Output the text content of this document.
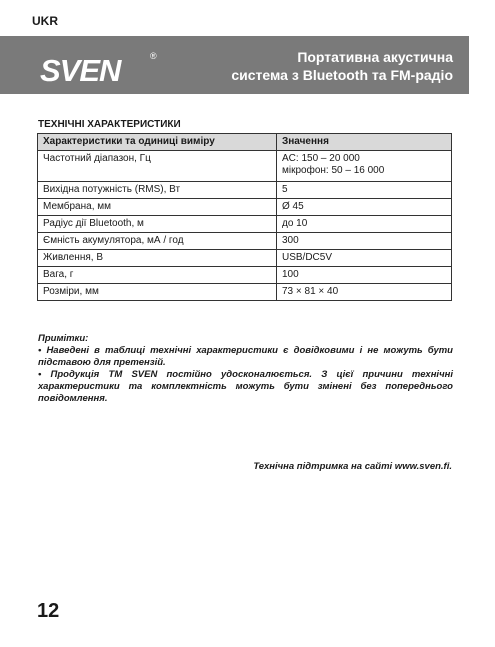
UKR
SVEN	®	Портативна акустична
система з Bluetooth та FM-радіо
ТЕХНІЧНІ ХАРАКТЕРИСТИКИ
Характеристики та одиниці виміру	Значення
Частотний діапазон, Гц	AC: 150 – 20 000
мікрофон: 50 – 16 000

Вихідна потужність (RMS), Вт	5
Мембрана, мм	Ø 45
Радіус дії Bluetooth, м	до 10
Ємність акумулятора, мА / год	300
Живлення, В	USB/DC5V
Вага, г	100
Розміри, мм	73 × 81 × 40
Примітки:
• Наведені в таблиці технічні характеристики є довідковими і не можуть бути підставою для претензій.
• Продукція ТМ SVEN постійно удосконалюється. З цієї причини технічні характеристики та комплектність можуть бути змінені без попереднього повідомлення.
Технічна підтримка на сайті www.sven.fi.
12
